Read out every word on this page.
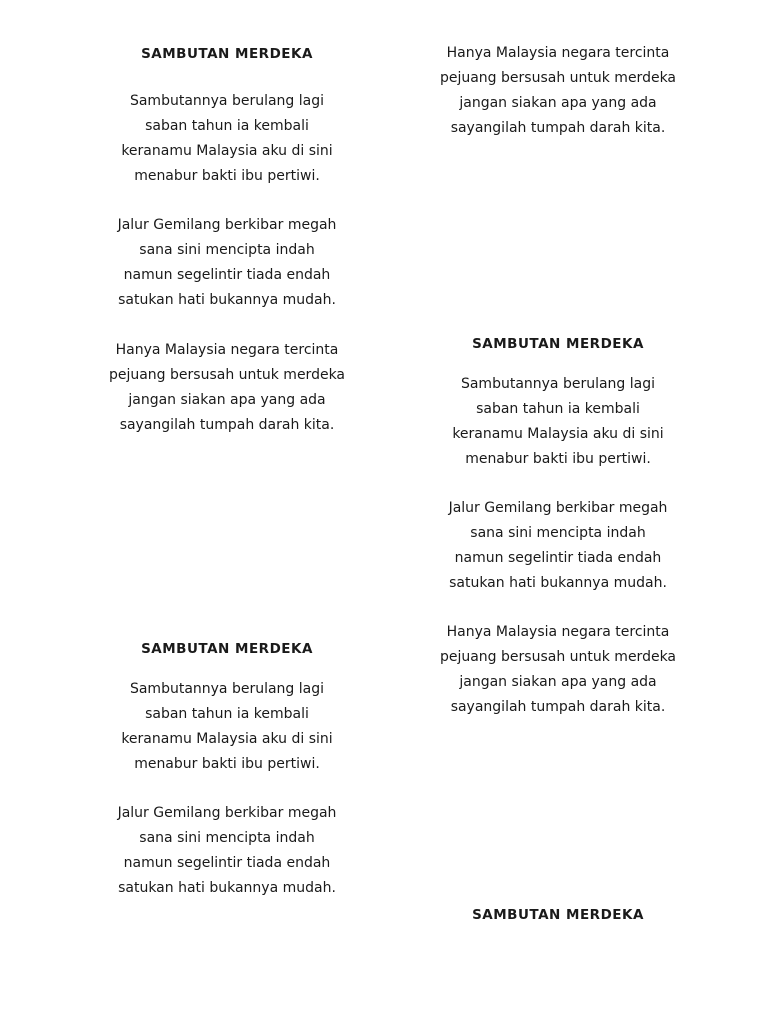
SAMBUTAN MERDEKA

Sambutannya berulang lagi
saban tahun ia kembali
keranamu Malaysia aku di sini
menabur bakti ibu pertiwi.
Jalur Gemilang berkibar megah
sana sini mencipta indah
namun segelintir tiada endah
satukan hati bukannya mudah.
Hanya Malaysia negara tercinta
pejuang bersusah untuk merdeka
jangan siakan apa yang ada
sayangilah tumpah darah kita.
Hanya Malaysia negara tercinta
pejuang bersusah untuk merdeka
jangan siakan apa yang ada
sayangilah tumpah darah kita.

SAMBUTAN MERDEKA

Sambutannya berulang lagi
saban tahun ia kembali
keranamu Malaysia aku di sini
menabur bakti ibu pertiwi.
Jalur Gemilang berkibar megah
sana sini mencipta indah
namun segelintir tiada endah
satukan hati bukannya mudah.
Hanya Malaysia negara tercinta
pejuang bersusah untuk merdeka
jangan siakan apa yang ada
sayangilah tumpah darah kita.

SAMBUTAN MERDEKA

Sambutannya berulang lagi
saban tahun ia kembali
keranamu Malaysia aku di sini
menabur bakti ibu pertiwi.
Jalur Gemilang berkibar megah
sana sini mencipta indah
namun segelintir tiada endah
satukan hati bukannya mudah.

SAMBUTAN MERDEKA
